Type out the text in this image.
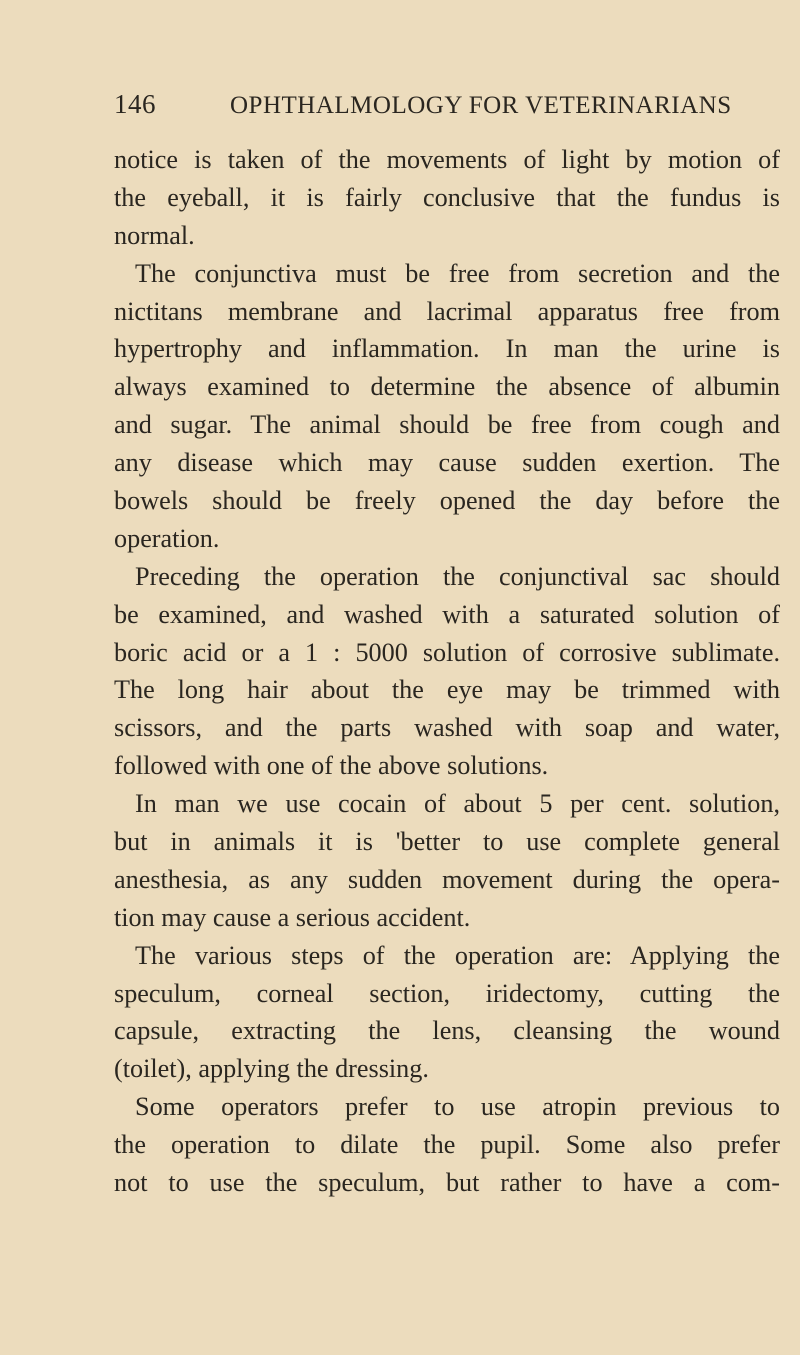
146	OPHTHALMOLOGY FOR VETERINARIANS
notice is taken of the movements of light by motion of
the eyeball, it is fairly conclusive that the fundus is
normal.
The conjunctiva must be free from secretion and the
nictitans membrane and lacrimal apparatus free from
hypertrophy and inflammation. In man the urine is
always examined to determine the absence of albumin
and sugar. The animal should be free from cough and
any disease which may cause sudden exertion. The
bowels should be freely opened the day before the
operation.
Preceding the operation the conjunctival sac should
be examined, and washed with a saturated solution of
boric acid or a 1 : 5000 solution of corrosive sublimate.
The long hair about the eye may be trimmed with
scissors, and the parts washed with soap and water,
followed with one of the above solutions.
In man we use cocain of about 5 per cent. solution,
but in animals it is 'better to use complete general
anesthesia, as any sudden movement during the opera-
tion may cause a serious accident.
The various steps of the operation are: Applying the
speculum, corneal section, iridectomy, cutting the
capsule, extracting the lens, cleansing the wound
(toilet), applying the dressing.
Some operators prefer to use atropin previous to
the operation to dilate the pupil. Some also prefer
not to use the speculum, but rather to have a com-
